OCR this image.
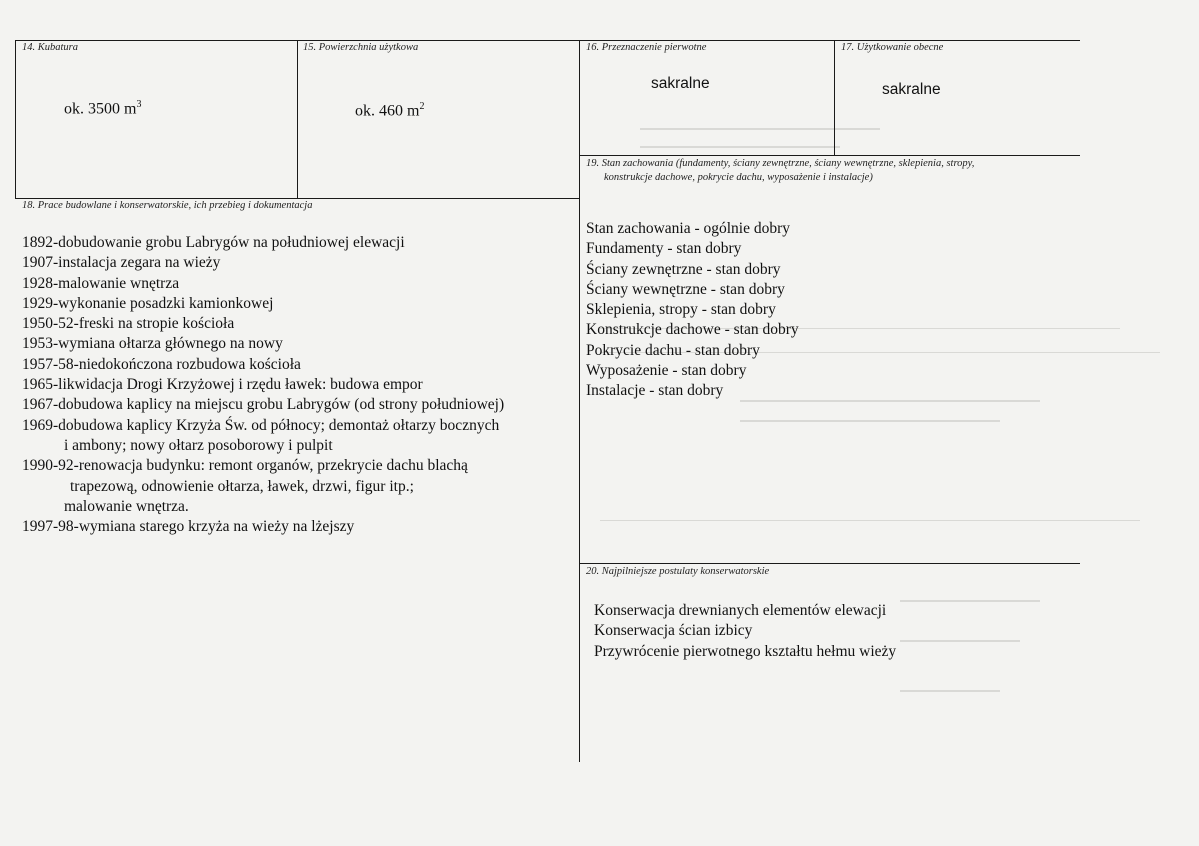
14. Kubatura
ok. 3500 $m^3$
15. Powierzchnia użytkowa
ok. 460 $m^2$
16. Przeznaczenie pierwotne
sakralne
17. Użytkowanie obecne
sakralne
18. Prace budowlane i konserwatorskie, ich przebieg i dokumentacja
1892-dobudowanie grobu Labrygów na południowej elewacji
1907-instalacja zegara na wieży
1928-malowanie wnętrza
1929-wykonanie posadzki kamionkowej
1950-52-freski na stropie kościoła
1953-wymiana ołtarza głównego na nowy
1957-58-niedokończona rozbudowa kościoła
1965-likwidacja Drogi Krzyżowej i rzędu ławek: budowa empor
1967-dobudowa kaplicy na miejscu grobu Labrygów (od strony południowej)
1969-dobudowa kaplicy Krzyża Św. od północy; demontaż ołtarzy bocznych
i ambony; nowy ołtarz posoborowy i pulpit
1990-92-renowacja budynku: remont organów, przekrycie dachu blachą
trapezową, odnowienie ołtarza, ławek, drzwi, figur itp.;
malowanie wnętrza.
1997-98-wymiana starego krzyża na wieży na lżejszy
19. Stan zachowania (fundamenty, ściany zewnętrzne, ściany wewnętrzne, sklepienia, stropy,
konstrukcje dachowe, pokrycie dachu, wyposażenie i instalacje)
Stan zachowania - ogólnie dobry
Fundamenty - stan dobry
Ściany zewnętrzne - stan dobry
Ściany wewnętrzne - stan dobry
Sklepienia, stropy - stan dobry
Konstrukcje dachowe - stan dobry
Pokrycie dachu - stan dobry
Wyposażenie - stan dobry
Instalacje - stan dobry
20. Najpilniejsze postulaty konserwatorskie
Konserwacja drewnianych elementów elewacji
Konserwacja ścian izbicy
Przywrócenie pierwotnego kształtu hełmu wieży
